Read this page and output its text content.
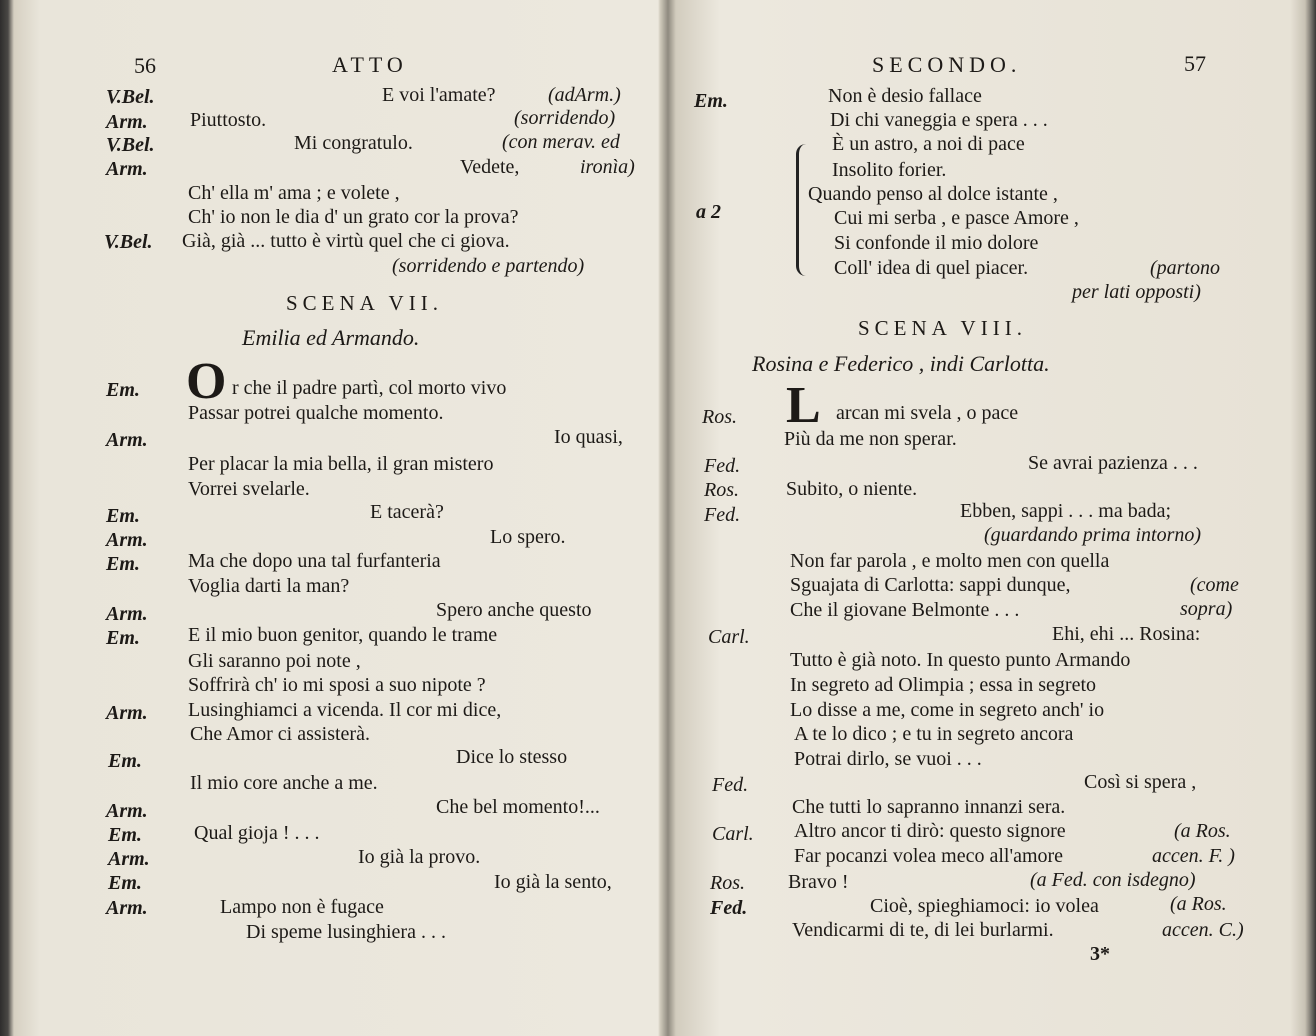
56	ATTO
V.Bel.	E voi l'amate?	(adArm.)
Arm. Piuttosto.	(sorridendo)
V.Bel.	Mi congratulo.	(con merav. ed
Arm.	Vedete,	ironìa)
Ch' ella m' ama ; e volete ,
Ch' io non le dia d' un grato cor la prova?
V.Bel. Già, già ... tutto è virtù quel che ci giova.
(sorridendo e partendo)
SCENA VII.
Emilia ed Armando.
Em. O r che il padre partì, col morto vivo
Passar potrei qualche momento.
Arm.	Io quasi,
Per placar la mia bella, il gran mistero
Vorrei svelarle.
Em.	E tacerà?
Arm.	Lo spero.
Em. Ma che dopo una tal furfanteria
Voglia darti la man?
Arm.	Spero anche questo
Em. E il mio buon genitor, quando le trame
Gli saranno poi note ,
Soffrirà ch' io mi sposi a suo nipote ?
Arm. Lusinghiamci a vicenda. Il cor mi dice,
Che Amor ci assisterà.
Em.	Dice lo stesso
Il mio core anche a me.
Arm.	Che bel momento!...
Em.	Qual gioja ! . . .
Arm.	Io già la provo.
Em.	Io già la sento,
Arm.	Lampo non è fugace
Di speme lusinghiera . . .
SECONDO.	57
Em.	Non è desio fallace
Di chi vaneggia e spera . . .
È un astro, a noi di pace
Insolito forier.
Quando penso al dolce istante ,
a 2	Cui mi serba , e pasce Amore ,
Si confonde il mio dolore
Coll' idea di quel piacer.	(partono
per lati opposti)
SCENA VIII.
Rosina e Federico , indi Carlotta.
Ros. L arcan mi svela , o pace
Più da me non sperar.
Fed.	Se avrai pazienza . . .
Ros. Subito, o niente.
Fed.	Ebben, sappi . . . ma bada;
(guardando prima intorno)
Non far parola , e molto men con quella
Sguajata di Carlotta: sappi dunque,	(come
Che il giovane Belmonte . . .	sopra)
Carl.	Ehi, ehi ... Rosina:
Tutto è già noto. In questo punto Armando
In segreto ad Olimpia ; essa in segreto
Lo disse a me, come in segreto anch' io
A te lo dico ; e tu in segreto ancora
Potrai dirlo, se vuoi . . .
Fed.	Così si spera ,
Che tutti lo sapranno innanzi sera.
Carl. Altro ancor ti dirò: questo signore	(a Ros.
Far pocanzi volea meco all'amore	accen. F. )
Ros. Bravo !	(a Fed. con isdegno)
Fed.	Cioè, spieghiamoci: io volea	(a Ros.
Vendicarmi di te, di lei burlarmi.	accen. C.)
3*
